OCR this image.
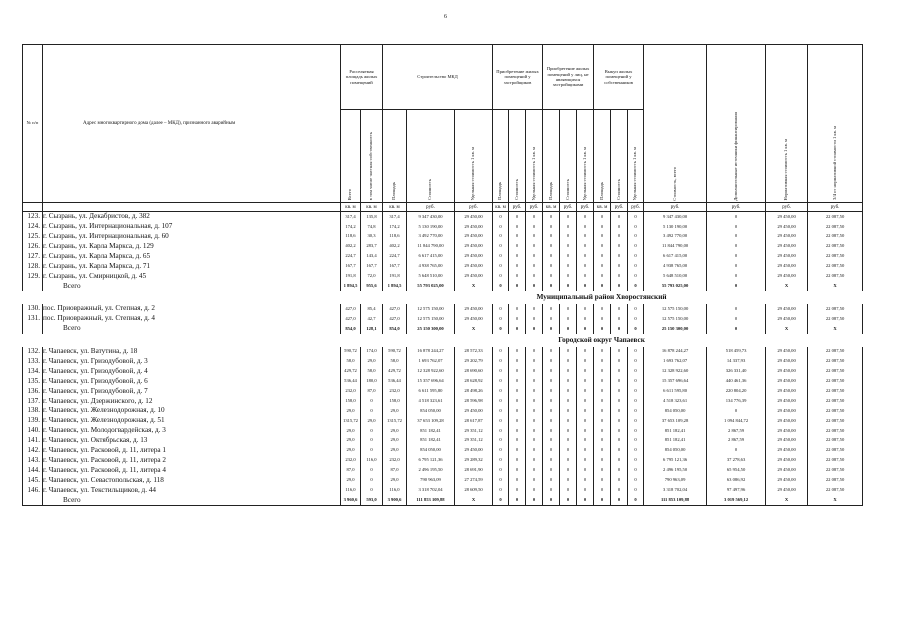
6
№ п/п	Адрес многоквартирного дома (далее – МКД), признанного аварийным	Расселяемая площадь жилых помещений		Строительство МКД			Приобретение жилых помещений у застройщиков			Приобретение жилых помещений у лиц, не являющихся застройщиками			Выкуп жилых помещений у собственников			Стоимость, всего	Дополнительные источники финансирования	Нормативная стоимость 1 кв. м	3/4 от нормативной стоимости 1 кв. м
		Всего	в том числе частная собственность	Площадь	Стоимость	Удельная стоимость 1 кв. м	Площадь	Стоимость	Удельная стоимость 1 кв. м	Площадь	Стоимость	Удельная стоимость 1 кв. м	Площадь	Стоимость	Удельная стоимость 1 кв. м				
		кв. м	кв. м	кв. м	руб.	руб.	кв. м	руб.	руб.	кв. м	руб.	руб.	кв. м	руб.	руб.	руб.	руб.	руб.	руб.
123.	г. Сызрань, ул. Декабристов, д. 382	317,4	135,8	317,4	9 347 430,00	29 450,00	0	0	0	0	0	0	0	0	0	9 347 430,00	0	29 450,00	22 087,50
124.	г. Сызрань, ул. Интернациональная, д. 107	174,2	74,8	174,2	5 130 190,00	29 450,00	0	0	0	0	0	0	0	0	0	5 130 190,00	0	29 450,00	22 087,50
125.	г. Сызрань, ул. Интернациональная, д. 60	118,6	30,3	118,6	3 492 770,00	29 450,00	0	0	0	0	0	0	0	0	0	3 492 770,00	0	29 450,00	22 087,50
126.	г. Сызрань, ул. Карла Маркса, д. 129	402,2	283,7	402,2	11 844 790,00	29 450,00	0	0	0	0	0	0	0	0	0	11 844 790,00	0	29 450,00	22 087,50
127.	г. Сызрань, ул. Карла Маркса, д. 65	224,7	143,4	224,7	6 617 415,00	29 450,00	0	0	0	0	0	0	0	0	0	6 617 415,00	0	29 450,00	22 087,50
128.	г. Сызрань, ул. Карла Маркса, д. 71	167,7	167,7	167,7	4 938 765,00	29 450,00	0	0	0	0	0	0	0	0	0	4 938 765,00	0	29 450,00	22 087,50
129.	г. Сызрань, ул. Смирницкой, д. 45	191,8	72,0	191,8	5 648 510,00	29 450,00	0	0	0	0	0	0	0	0	0	5 648 510,00	0	29 450,00	22 087,50
	Всего	1 894,5	955,6	1 894,5	55 793 025,00	X	0	0	0	0	0	0	0	0	0	55 793 025,00	0	X	X
		Муниципальный район Хворостянский																	
130.	пос. Приовражный, ул. Степная, д. 2	427,0	85,4	427,0	12 575 150,00	29 450,00	0	0	0	0	0	0	0	0	0	12 575 150,00	0	29 450,00	22 087,50
131.	пос. Приовражный, ул. Степная, д. 4	427,0	42,7	427,0	12 575 150,00	29 450,00	0	0	0	0	0	0	0	0	0	12 575 150,00	0	29 450,00	22 087,50
	Всего	854,0	128,1	854,0	25 150 300,00	X	0	0	0	0	0	0	0	0	0	25 150 300,00	0	X	X
		Городской округ Чапаевск																	
132.	г. Чапаевск, ул. Ватутина, д. 18	590,72	174,0	590,72	16 878 244,27	28 572,33	0	0	0	0	0	0	0	0	0	16 878 244,27	518 459,73	29 450,00	22 087,50
133.	г. Чапаевск, ул. Гризодубовой, д. 3	58,0	29,0	58,0	1 693 762,07	29 202,79	0	0	0	0	0	0	0	0	0	1 693 762,07	14 337,93	29 450,00	22 087,50
134.	г. Чапаевск, ул. Гризодубовой, д. 4	429,72	58,0	429,72	12 328 922,60	28 690,60	0	0	0	0	0	0	0	0	0	12 328 922,60	326 331,40	29 450,00	22 087,50
135.	г. Чапаевск, ул. Гризодубовой, д. 6	536,44	180,0	536,44	15 357 696,64	28 628,92	0	0	0	0	0	0	0	0	0	15 357 696,64	440 461,36	29 450,00	22 087,50
136.	г. Чапаевск, ул. Гризодубовой, д. 7	232,0	87,0	232,0	6 611 595,80	28 498,26	0	0	0	0	0	0	0	0	0	6 611 595,80	220 804,20	29 450,00	22 087,50
137.	г. Чапаевск, ул. Дзержинского, д. 12	158,0	0	158,0	4 518 323,61	28 596,98	0	0	0	0	0	0	0	0	0	4 518 323,61	134 776,39	29 450,00	22 087,50
138.	г. Чапаевск, ул. Железнодорожная, д. 10	29,0	0	29,0	854 050,00	29 450,00	0	0	0	0	0	0	0	0	0	854 050,00	0	29 450,00	22 087,50
139.	г. Чапаевск, ул. Железнодорожная, д. 51	1315,72	29,0	1315,72	37 653 109,28	28 617,87	0	0	0	0	0	0	0	0	0	37 653 109,28	1 094 844,72	29 450,00	22 087,50
140.	г. Чапаевск, ул. Молодогвардейская, д. 3	29,0	0	29,0	851 182,41	29 351,12	0	0	0	0	0	0	0	0	0	851 182,41	2 867,59	29 450,00	22 087,50
141.	г. Чапаевск, ул. Октябрьская, д. 13	29,0	0	29,0	851 182,41	29 351,12	0	0	0	0	0	0	0	0	0	851 182,41	2 867,59	29 450,00	22 087,50
142.	г. Чапаевск, ул. Расковой, д. 11, литера 1	29,0	0	29,0	854 050,00	29 450,00	0	0	0	0	0	0	0	0	0	854 050,00	0	29 450,00	22 087,50
143.	г. Чапаевск, ул. Расковой, д. 11, литера 2	232,0	116,0	232,0	6 795 121,36	29 289,32	0	0	0	0	0	0	0	0	0	6 795 121,36	37 278,63	29 450,00	22 087,50
144.	г. Чапаевск, ул. Расковой, д. 11, литера 4	87,0	0	87,0	2 496 195,50	28 691,90	0	0	0	0	0	0	0	0	0	2 496 195,50	65 954,50	29 450,00	22 087,50
145.	г. Чапаевск, ул. Севастопольская, д. 118	29,0	0	29,0	790 963,09	27 274,59	0	0	0	0	0	0	0	0	0	790 963,09	63 086,92	29 450,00	22 087,50
146.	г. Чапаевск, ул. Текстильщиков, д. 44	116,0	0	116,0	3 318 702,04	28 609,50	0	0	0	0	0	0	0	0	0	3 318 702,04	97 497,96	29 450,00	22 087,50
	Всего	3 960,6	593,0	3 900,6	111 853 109,88	X	0	0	0	0	0	0	0	0	0	111 853 109,88	3 019 569,12	X	X
